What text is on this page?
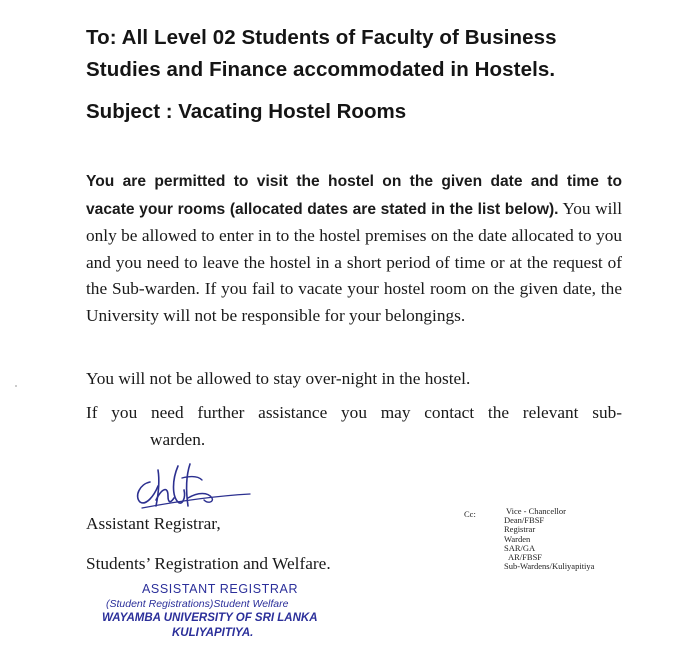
To: All Level 02 Students of Faculty of Business
Studies and Finance accommodated in Hostels.
Subject : Vacating Hostel Rooms
You are permitted to visit the hostel on the given date and time to vacate your rooms (allocated dates are stated in the list below). You will only be allowed to enter in to the hostel premises on the date allocated to you and you need to leave the hostel in a short period of time or at the request of the Sub-warden. If you fail to vacate your hostel room on the given date, the University will not be responsible for your belongings.
You will not be allowed to stay over-night in the hostel.
If you need further assistance you may contact the relevant sub-
warden.
Assistant Registrar,
Students’ Registration and Welfare.
ASSISTANT REGISTRAR
(Student Registrations)Student Welfare
WAYAMBA UNIVERSITY OF SRI LANKA
KULIYAPITIYA.
Cc:	Vice - Chancellor
Dean/FBSF
Registrar
Warden
SAR/GA
AR/FBSF
Sub-Wardens/Kuliyapitiya
